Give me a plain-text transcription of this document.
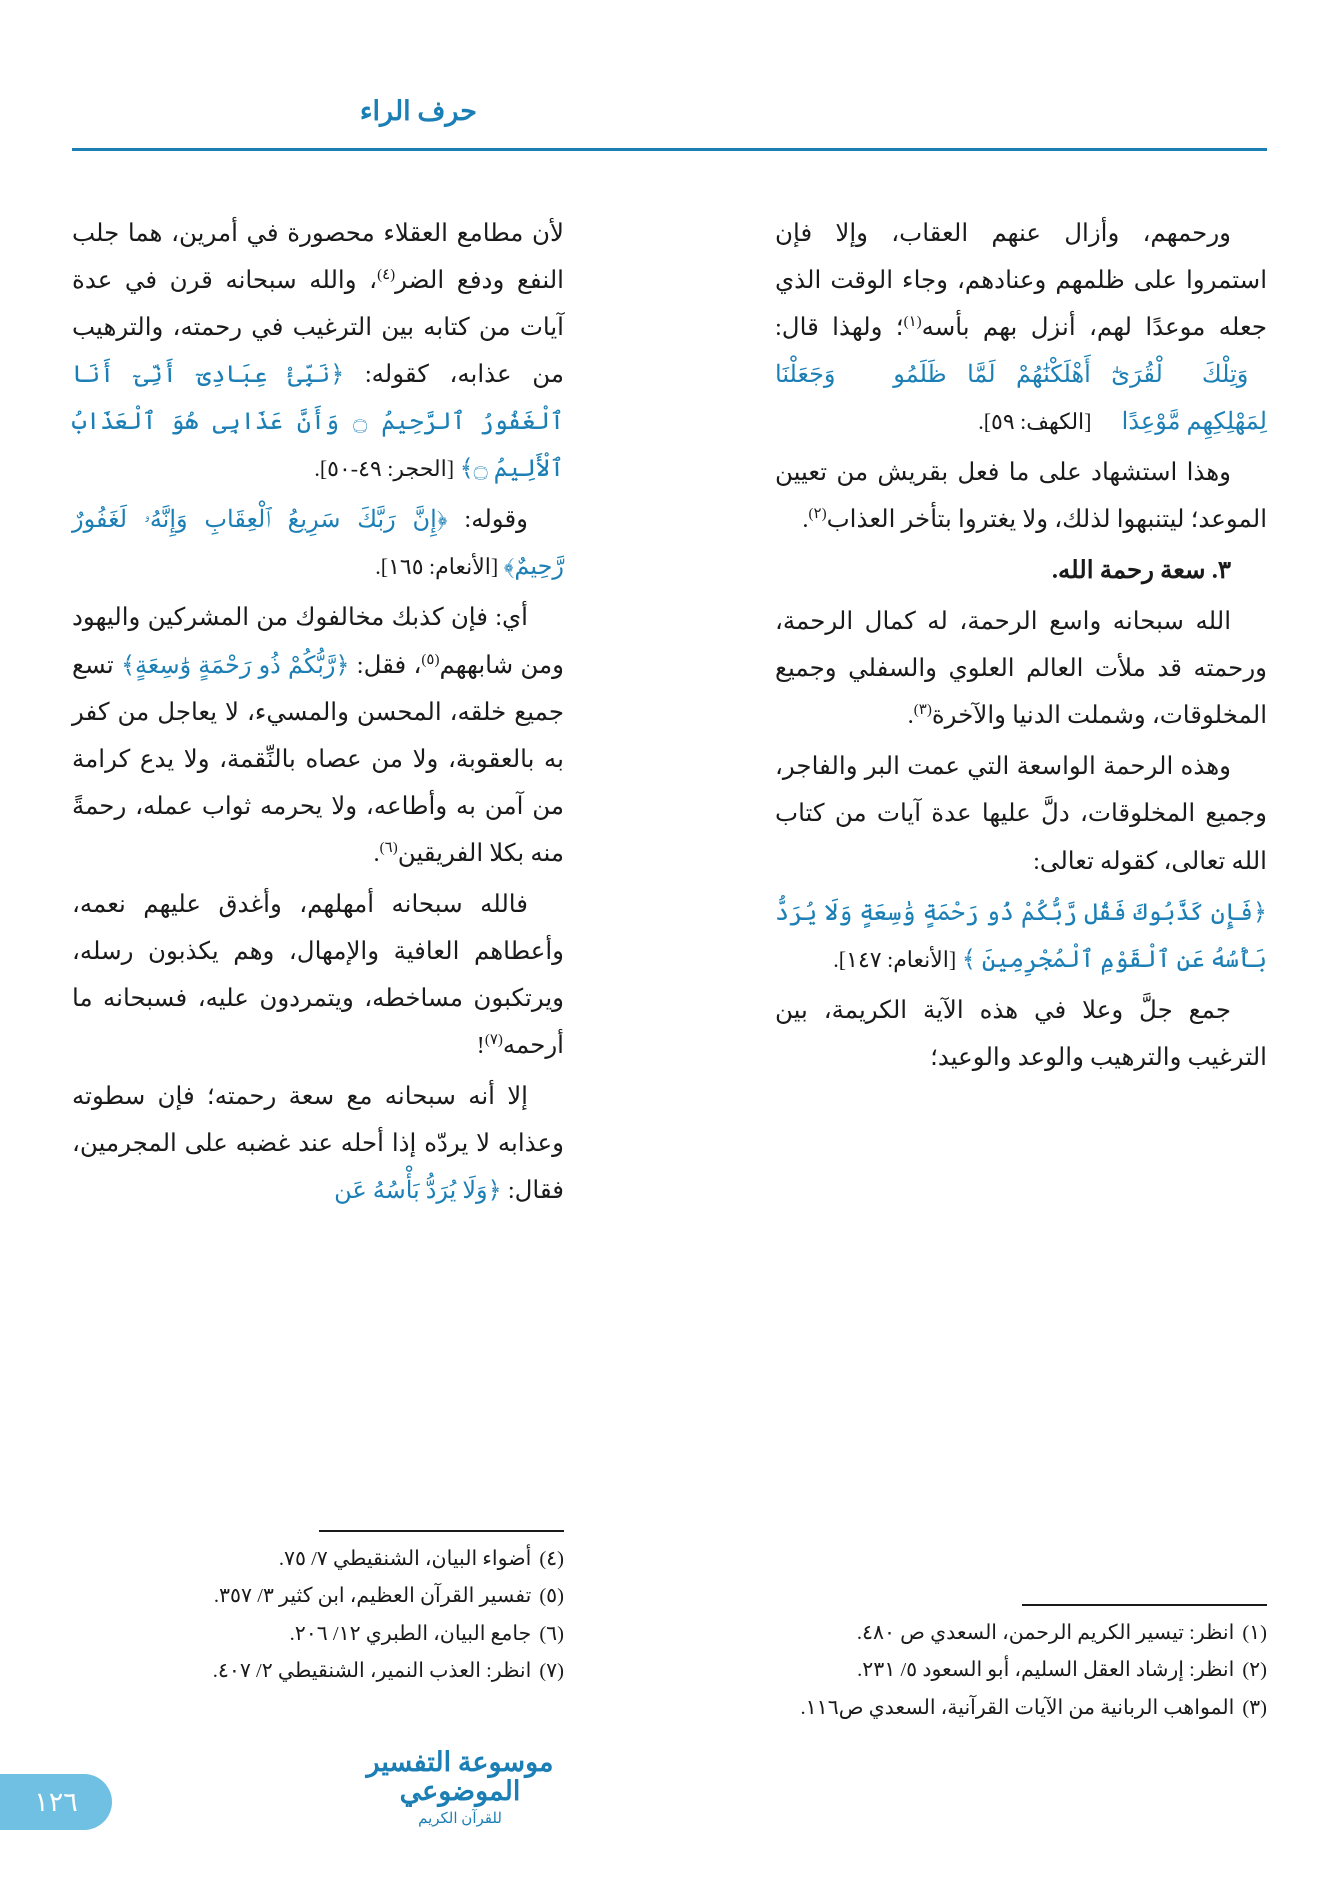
حرف الراء

ورحمهم، وأزال عنهم العقاب، وإلا فإن استمروا على ظلمهم وعنادهم، وجاء الوقت الذي جعله موعدًا لهم، أنزل بهم بأسه$^{(١)}$؛ ولهذا قال: ﴿وَتِلْكَ ٱلْقُرَىٰٓ أَهْلَكْنَٰهُمْ لَمَّا ظَلَمُوا۟ وَجَعَلْنَا لِمَهْلِكِهِم مَّوْعِدًا ﴾ [الكهف: ٥٩].

وهذا استشهاد على ما فعل بقريش من تعيين الموعد؛ ليتنبهوا لذلك، ولا يغتروا بتأخر العذاب$^{(٢)}$.

٣. سعة رحمة الله.

الله سبحانه واسع الرحمة، له كمال الرحمة، ورحمته قد ملأت العالم العلوي والسفلي وجميع المخلوقات، وشملت الدنيا والآخرة$^{(٣)}$.

وهذه الرحمة الواسعة التي عمت البر والفاجر، وجميع المخلوقات، دلَّ عليها عدة آيات من كتاب الله تعالى، كقوله تعالى:

﴿فَإِن كَذَّبُوكَ فَقُل رَّبُّكُمْ ذُو رَحْمَةٍ وَٰسِعَةٍ وَلَا يُرَدُّ بَأْسُهُ عَنِ ٱلْقَوْمِ ٱلْمُجْرِمِينَ ﴾ [الأنعام: ١٤٧].

جمع جلَّ وعلا في هذه الآية الكريمة، بين الترغيب والترهيب والوعد والوعيد؛

لأن مطامع العقلاء محصورة في أمرين، هما جلب النفع ودفع الضر$^{(٤)}$، والله سبحانه قرن في عدة آيات من كتابه بين الترغيب في رحمته، والترهيب من عذابه، كقوله: ﴿نَبِّئْ عِبَادِىٓ أَنِّىٓ أَنَا ٱلْغَفُورُ ٱلرَّحِيمُ ۝ وَأَنَّ عَذَابِى هُوَ ٱلْعَذَابُ ٱلْأَلِيمُ ۝﴾ [الحجر: ٤٩-٥٠].

وقوله: ﴿إِنَّ رَبَّكَ سَرِيعُ ٱلْعِقَابِ وَإِنَّهُۥ لَغَفُورٌ رَّحِيمٌ﴾ [الأنعام: ١٦٥].

أي: فإن كذبك مخالفوك من المشركين واليهود ومن شابههم$^{(٥)}$، فقل: ﴿رَّبُّكُمْ ذُو رَحْمَةٍ وَٰسِعَةٍ﴾ تسع جميع خلقه، المحسن والمسيء، لا يعاجل من كفر به بالعقوبة، ولا من عصاه بالنِّقمة، ولا يدع كرامة من آمن به وأطاعه، ولا يحرمه ثواب عمله، رحمةً منه بكلا الفريقين$^{(٦)}$.

فالله سبحانه أمهلهم، وأغدق عليهم نعمه، وأعطاهم العافية والإمهال، وهم يكذبون رسله، ويرتكبون مساخطه، ويتمردون عليه، فسبحانه ما أرحمه$^{(٧)}$!

إلا أنه سبحانه مع سعة رحمته؛ فإن سطوته وعذابه لا يردّه إذا أحله عند غضبه على المجرمين، فقال: ﴿وَلَا يُرَدُّ بَأْسُهُ عَن

(١)
انظر: تيسير الكريم الرحمن، السعدي ص ٤٨٠.
(٢)
انظر: إرشاد العقل السليم، أبو السعود ٥/ ٢٣١.
(٣)
المواهب الربانية من الآيات القرآنية، السعدي ص١١٦.
(٤)
أضواء البيان، الشنقيطي ٧/ ٧٥.
(٥)
تفسير القرآن العظيم، ابن كثير ٣/ ٣٥٧.
(٦)
جامع البيان، الطبري ١٢/ ٢٠٦.
(٧)
انظر: العذب النمير، الشنقيطي ٢/ ٤٠٧.
موسوعة التفسير الموضوعي
للقرآن الكريم
١٢٦
